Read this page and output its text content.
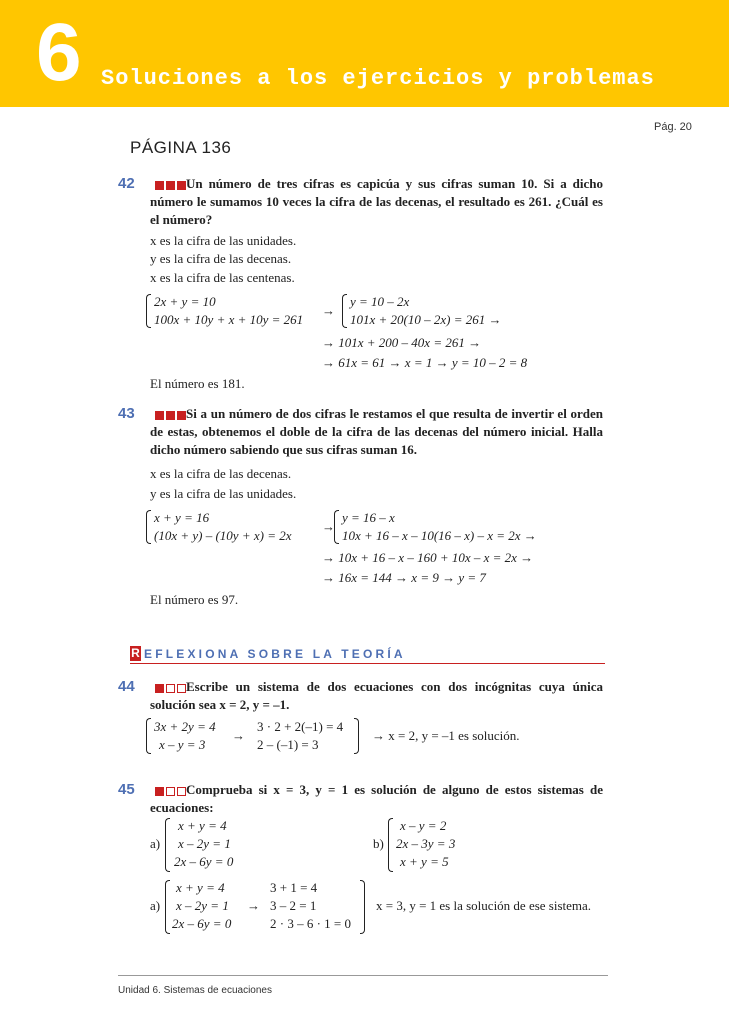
6 Soluciones a los ejercicios y problemas
Pág. 20
PÁGINA 136
42	Un número de tres cifras es capicúa y sus cifras suman 10. Si a dicho número le sumamos 10 veces la cifra de las decenas, el resultado es 261. ¿Cuál es el número?

x es la cifra de las unidades.
y es la cifra de las decenas.
x es la cifra de las centenas.
2x + y = 10
100x + 10y + x + 10y = 261
→
y = 10 – 2x
101x + 20(10 – 2x) = 261 →
→ 101x + 200 – 40x = 261 →
→ 61x = 61 → x = 1 → y = 10 – 2 = 8
El número es 181.
43	Si a un número de dos cifras le restamos el que resulta de invertir el orden de estas, obtenemos el doble de la cifra de las decenas del número inicial. Halla dicho número sabiendo que sus cifras suman 16.

x es la cifra de las decenas.
y es la cifra de las unidades.
x + y = 16
(10x + y) – (10y + x) = 2x
→
y = 16 – x
10x + 16 – x – 10(16 – x) – x = 2x →
→ 10x + 16 – x – 160 + 10x – x = 2x →
→ 16x = 144 → x = 9 → y = 7
El número es 97.
R EFLEXIONA SOBRE LA TEORÍA
44	Escribe un sistema de dos ecuaciones con dos incógnitas cuya única solución sea x = 2, y = –1.

3x + 2y = 4
x – y = 3
→
3 · 2 + 2(–1) = 4
2 – (–1) = 3
→ x = 2, y = –1 es solución.
45	Comprueba si x = 3, y = 1 es solución de alguno de estos sistemas de ecuaciones:

a)
x + y = 4
x – 2y = 1
2x – 6y = 0
b)
x – y = 2
2x – 3y = 3
x + y = 5
a)
x + y = 4
x – 2y = 1
2x – 6y = 0
→
3 + 1 = 4
3 – 2 = 1
2 · 3 – 6 · 1 = 0
x = 3, y = 1 es la solución de ese sistema.
Unidad 6. Sistemas de ecuaciones
